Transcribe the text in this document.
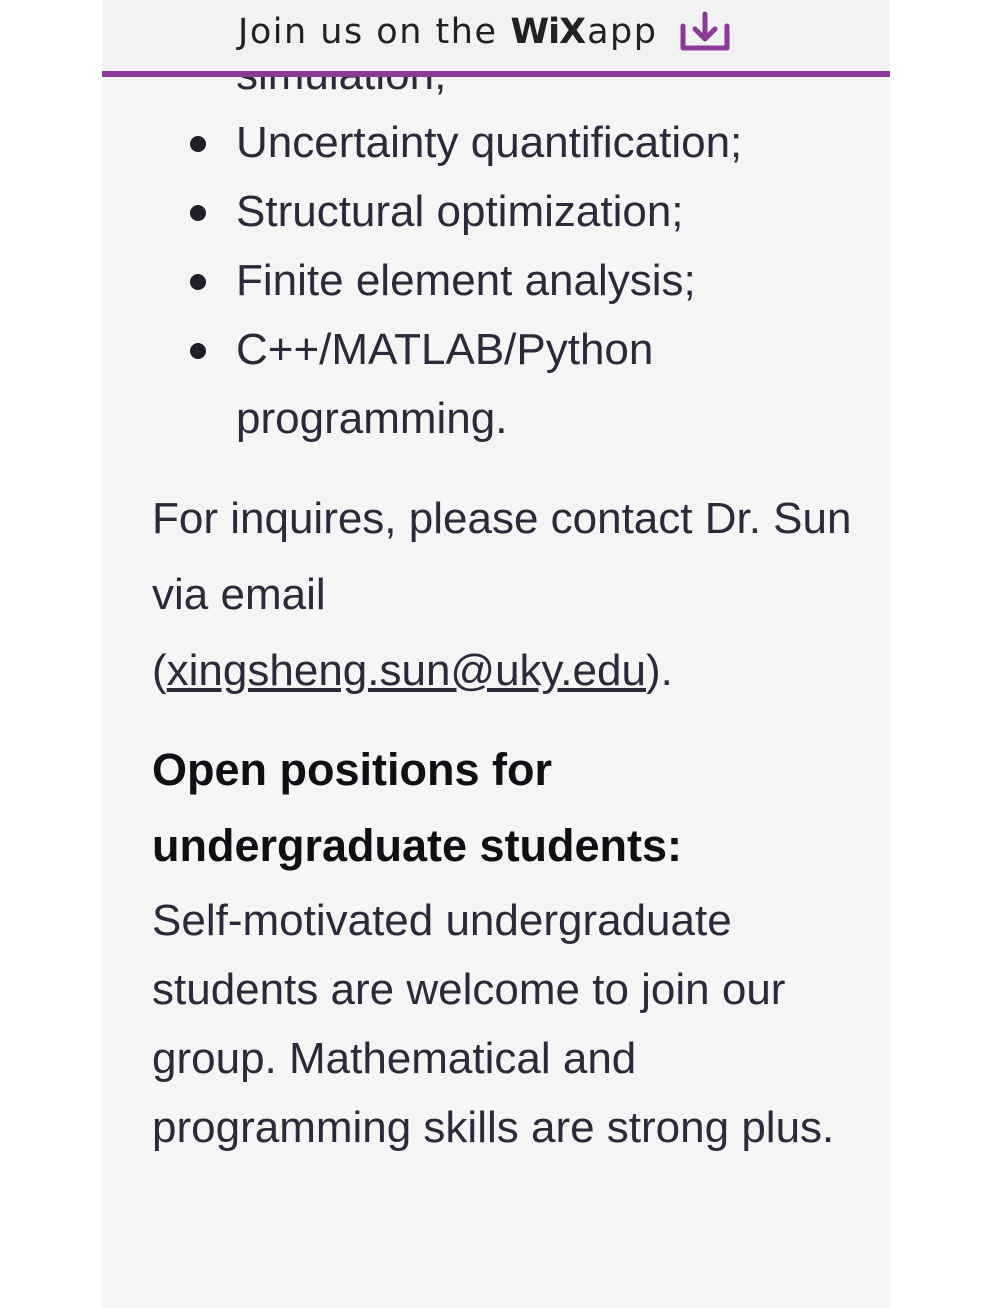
Uncertainty quantification;
Structural optimization;
Finite element analysis;
C++/MATLAB/Python programming.
For inquires, please contact Dr. Sun via email (xingsheng.sun@uky.edu).
Open positions for undergraduate students:
Self-motivated undergraduate students are welcome to join our group. Mathematical and programming skills are strong plus.
Join us on the WiX app
